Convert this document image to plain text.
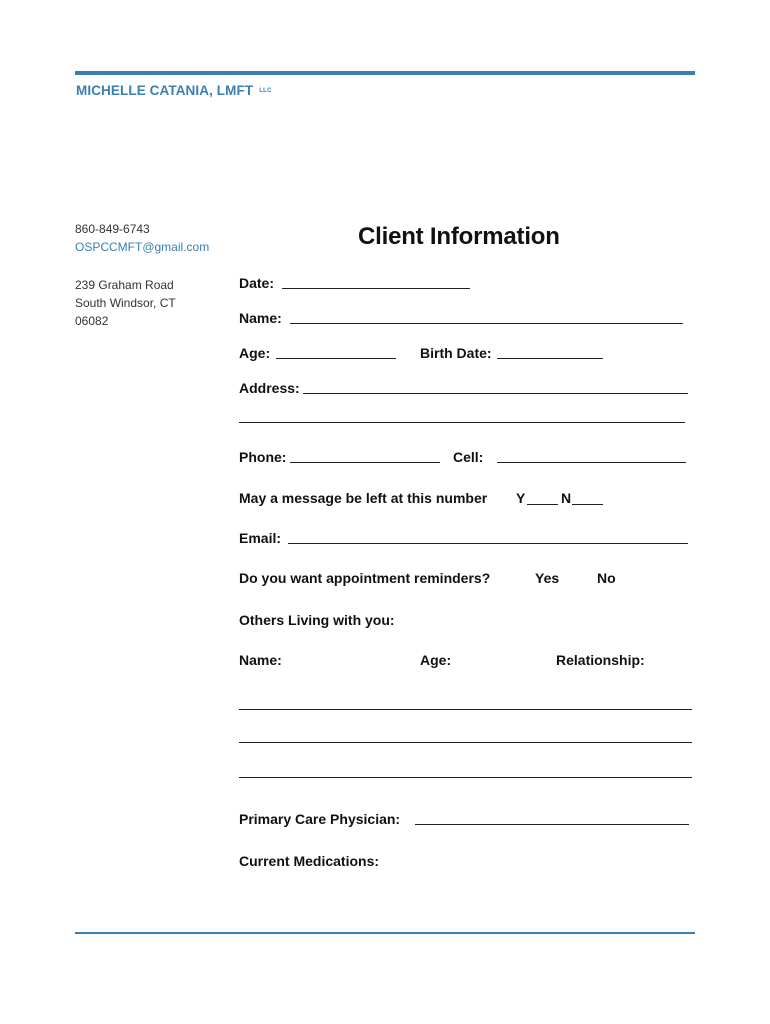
MICHELLE CATANIA, LMFT LLC
860-849-6743
OSPCCMFT@gmail.com
239 Graham Road
South Windsor, CT
06082
Client Information
Date:
Name:
Age:	Birth Date:
Address:
Phone:	Cell:
May a message be left at this number Y	N
Email:
Do you want appointment reminders?	Yes	No
Others Living with you:
Name:	Age:	Relationship:
Primary Care Physician:
Current Medications:
